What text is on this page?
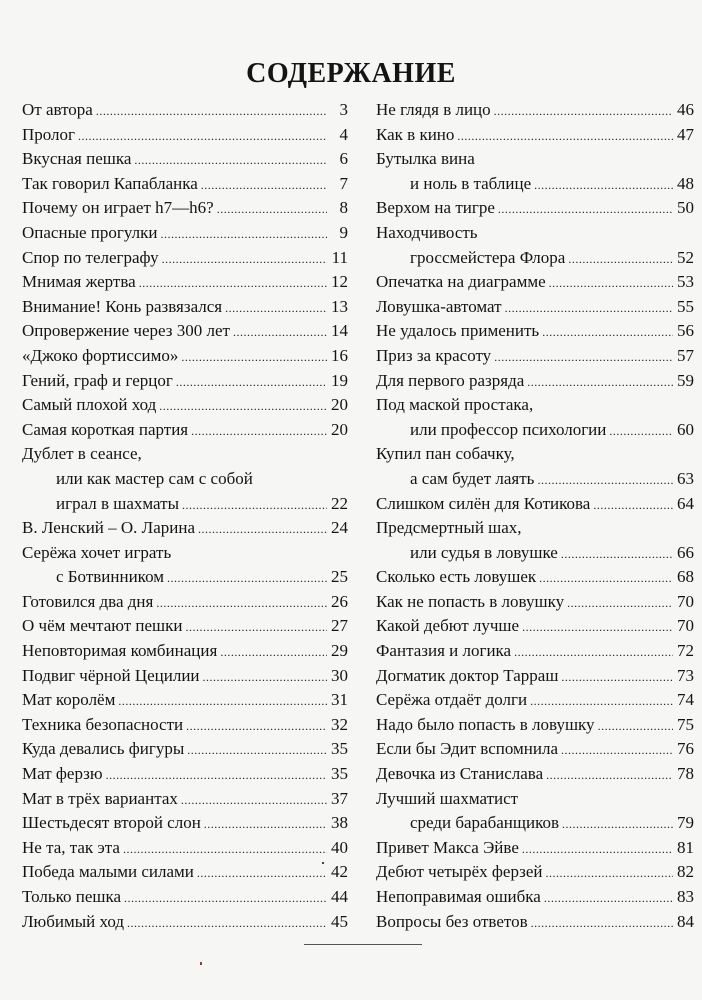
СОДЕРЖАНИЕ
От автора .....	3
Пролог .....	4
Вкусная пешка .....	6
Так говорил Капабланка .....	7
Почему он играет h7—h6? .....	8
Опасные прогулки .....	9
Спор по телеграфу .....	11
Мнимая жертва .....	12
Внимание! Конь развязался .....	13
Опровержение через 300 лет .....	14
«Джоко фортиссимо» .....	16
Гений, граф и герцог .....	19
Самый плохой ход .....	20
Самая короткая партия .....	20
Дублет в сеансе,
или как мастер сам с собой
играл в шахматы .....	22
В. Ленский – О. Ларина .....	24
Серёжа хочет играть
с Ботвинником .....	25
Готовился два дня .....	26
О чём мечтают пешки .....	27
Неповторимая комбинация .....	29
Подвиг чёрной Цецилии .....	30
Мат королём .....	31
Техника безопасности .....	32
Куда девались фигуры .....	35
Мат ферзю .....	35
Мат в трёх вариантах .....	37
Шестьдесят второй слон .....	38
Не та, так эта .....	40
Победа малыми силами .....	42
Только пешка .....	44
Любимый ход .....	45
Не глядя в лицо .....	46
Как в кино .....	47
Бутылка вина
и ноль в таблице .....	48
Верхом на тигре .....	50
Находчивость
гроссмейстера Флора .....	52
Опечатка на диаграмме .....	53
Ловушка-автомат .....	55
Не удалось применить .....	56
Приз за красоту .....	57
Для первого разряда .....	59
Под маской простака,
или профессор психологии .....	60
Купил пан собачку,
а сам будет лаять .....	63
Слишком силён для Котикова .....	64
Предсмертный шах,
или судья в ловушке .....	66
Сколько есть ловушек .....	68
Как не попасть в ловушку .....	70
Какой дебют лучше .....	70
Фантазия и логика .....	72
Догматик доктор Тарраш .....	73
Серёжа отдаёт долги .....	74
Надо было попасть в ловушку .....	75
Если бы Эдит вспомнила .....	76
Девочка из Станислава .....	78
Лучший шахматист
среди барабанщиков .....	79
Привет Макса Эйве .....	81
Дебют четырёх ферзей .....	82
Непоправимая ошибка .....	83
Вопросы без ответов .....	84
